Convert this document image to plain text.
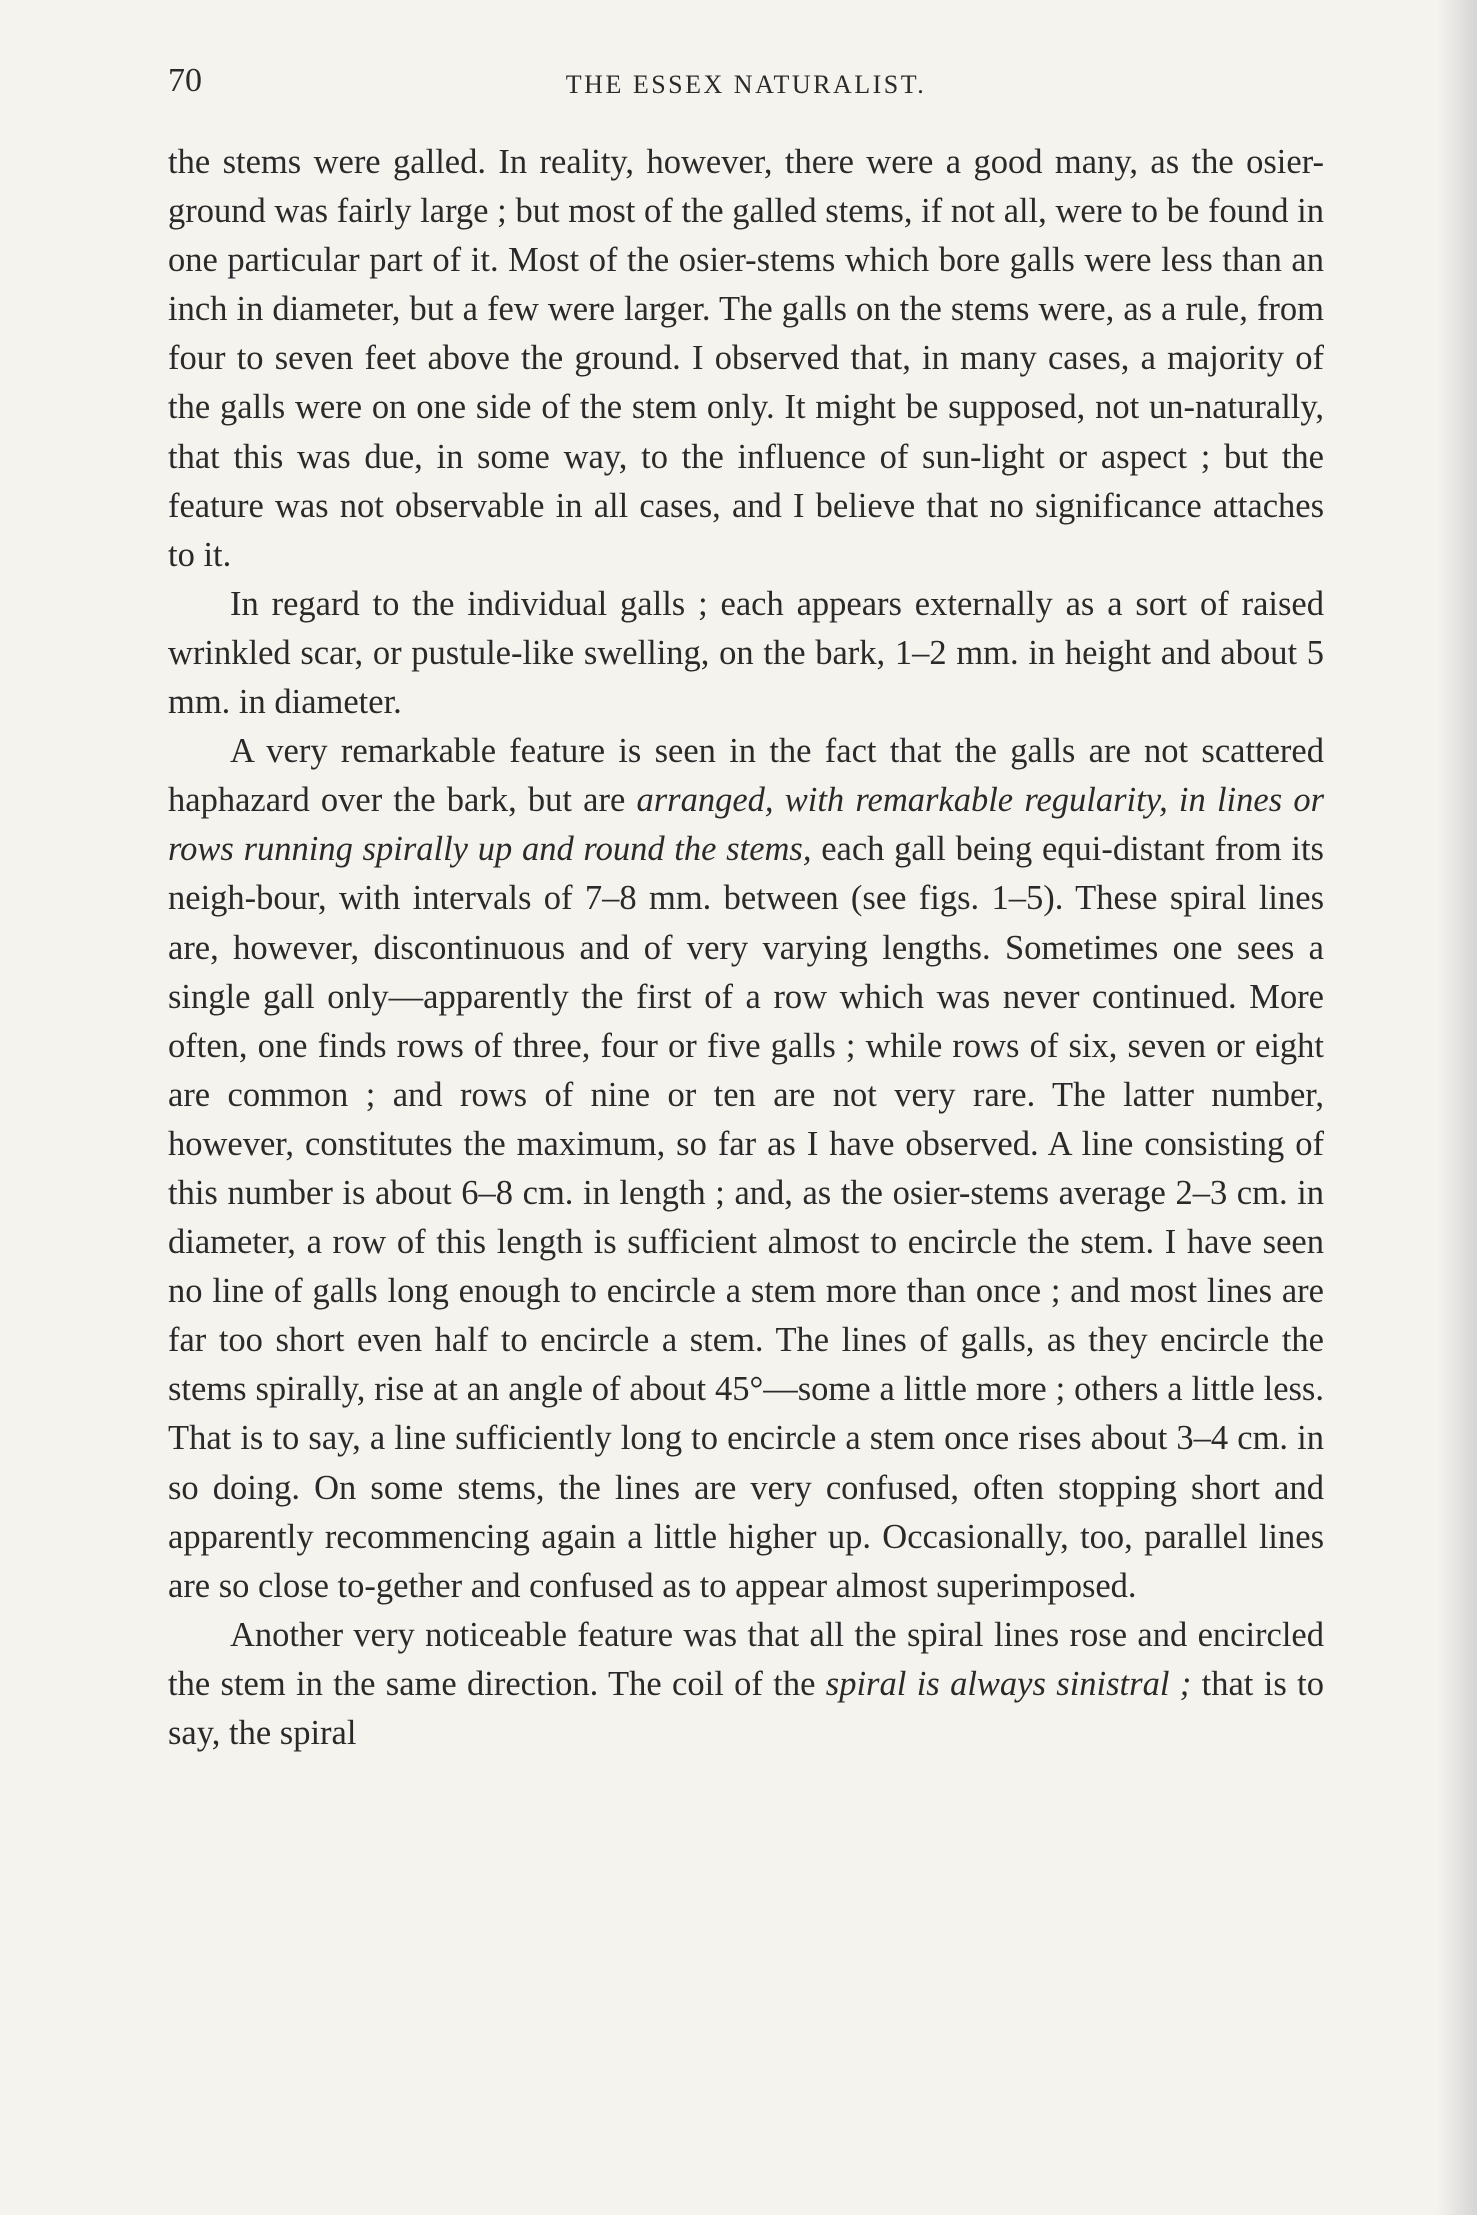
70	THE ESSEX NATURALIST.

the stems were galled. In reality, however, there were a good many, as the osier-ground was fairly large ; but most of the galled stems, if not all, were to be found in one particular part of it. Most of the osier-stems which bore galls were less than an inch in diameter, but a few were larger. The galls on the stems were, as a rule, from four to seven feet above the ground. I observed that, in many cases, a majority of the galls were on one side of the stem only. It might be supposed, not un-naturally, that this was due, in some way, to the influence of sun-light or aspect ; but the feature was not observable in all cases, and I believe that no significance attaches to it.

In regard to the individual galls ; each appears externally as a sort of raised wrinkled scar, or pustule-like swelling, on the bark, 1–2 mm. in height and about 5 mm. in diameter.

A very remarkable feature is seen in the fact that the galls are not scattered haphazard over the bark, but are arranged, with remarkable regularity, in lines or rows running spirally up and round the stems, each gall being equi-distant from its neigh-bour, with intervals of 7–8 mm. between (see figs. 1–5). These spiral lines are, however, discontinuous and of very varying lengths. Sometimes one sees a single gall only—apparently the first of a row which was never continued. More often, one finds rows of three, four or five galls ; while rows of six, seven or eight are common ; and rows of nine or ten are not very rare. The latter number, however, constitutes the maximum, so far as I have observed. A line consisting of this number is about 6–8 cm. in length ; and, as the osier-stems average 2–3 cm. in diameter, a row of this length is sufficient almost to encircle the stem. I have seen no line of galls long enough to encircle a stem more than once ; and most lines are far too short even half to encircle a stem. The lines of galls, as they encircle the stems spirally, rise at an angle of about 45°—some a little more ; others a little less. That is to say, a line sufficiently long to encircle a stem once rises about 3–4 cm. in so doing. On some stems, the lines are very confused, often stopping short and apparently recommencing again a little higher up. Occasionally, too, parallel lines are so close to-gether and confused as to appear almost superimposed.

Another very noticeable feature was that all the spiral lines rose and encircled the stem in the same direction. The coil of the spiral is always sinistral ; that is to say, the spiral
